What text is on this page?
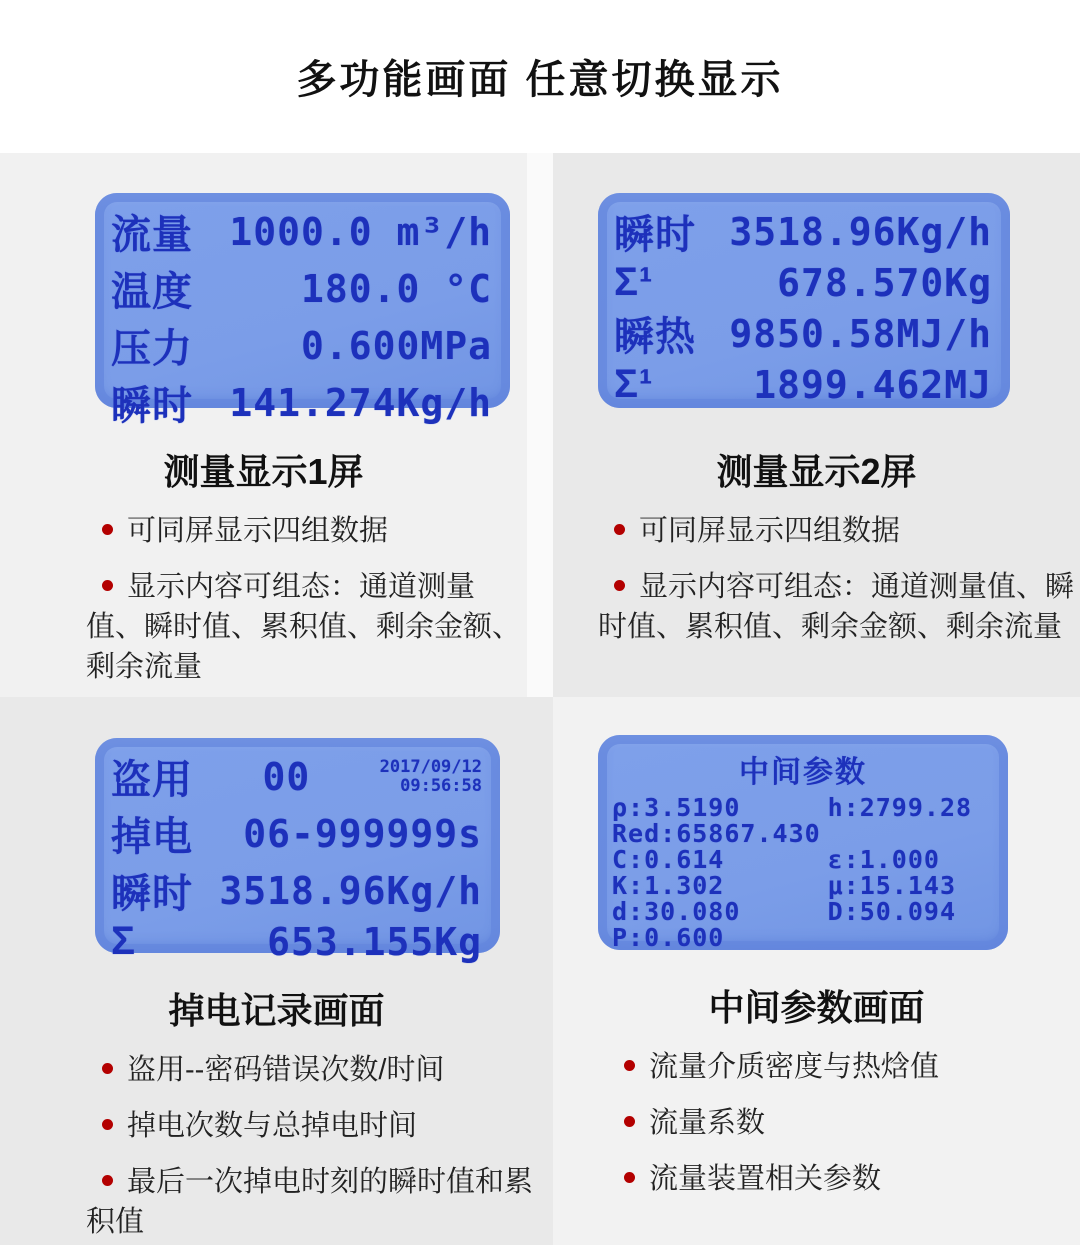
多功能画面 任意切换显示
流量 1000.0 m³/h
温度	180.0 °C
压力	0.600MPa
瞬时 141.274Kg/h
测量显示1屏

可同屏显示四组数据

显示内容可组态：通道测量值、瞬时值、累积值、剩余金额、剩余流量

瞬时 3518.96Kg/h
Σ¹	678.570Kg
瞬热 9850.58MJ/h
Σ¹	1899.462MJ
测量显示2屏

可同屏显示四组数据

显示内容可组态：通道测量值、瞬时值、累积值、剩余金额、剩余流量

盗用 00	2017/09/12
09:56:58
掉电 06-999999s
瞬时 3518.96Kg/h
Σ	653.155Kg
掉电记录画面

盗用--密码错误次数/时间

掉电次数与总掉电时间

最后一次掉电时刻的瞬时值和累积值

中间参数
ρ:3.5190	h:2799.28
Red:65867.430
C:0.614	ε:1.000
K:1.302	μ:15.143
d:30.080	D:50.094
P:0.600
中间参数画面

流量介质密度与热焓值

流量系数

流量装置相关参数
